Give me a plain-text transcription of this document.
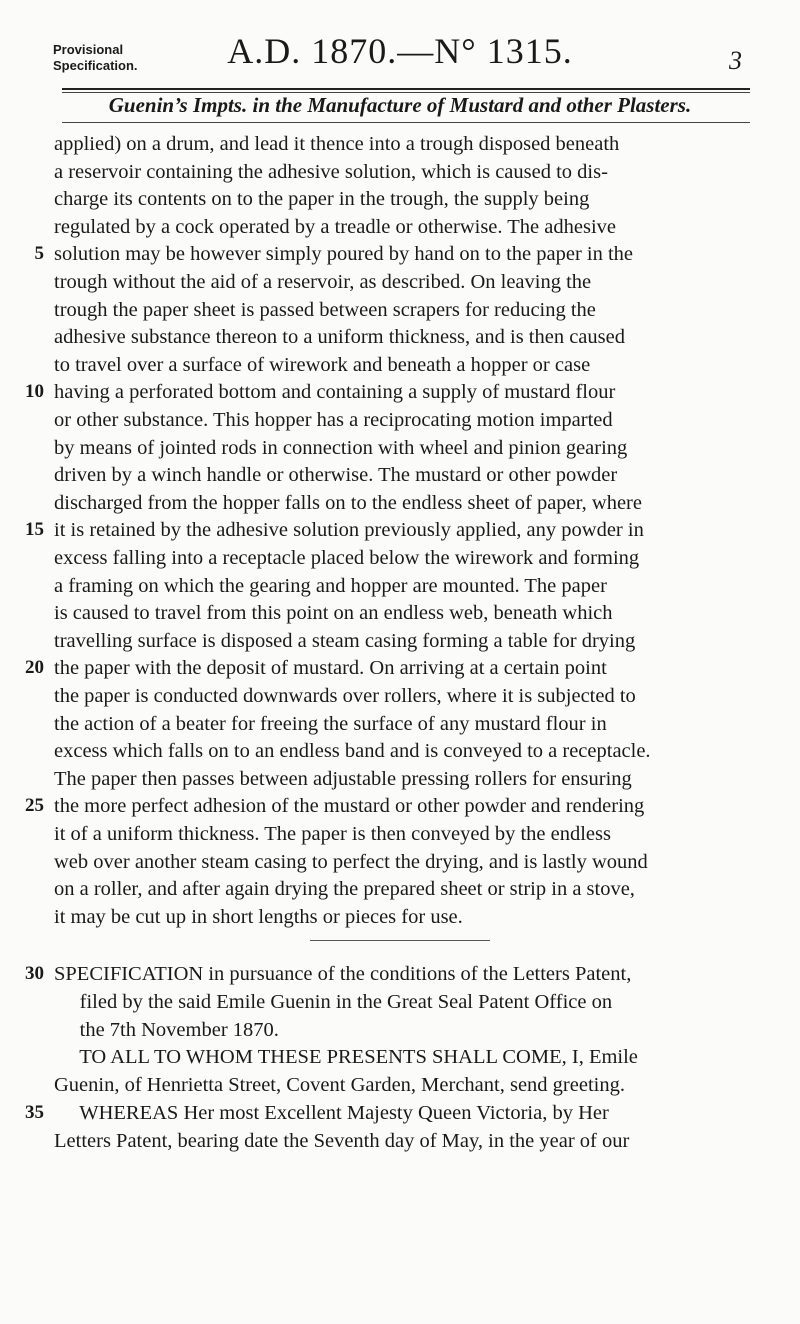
Provisional
Specification.	A.D. 1870.—N° 1315.	3
Guenin’s Impts. in the Manufacture of Mustard and other Plasters.
applied) on a drum, and lead it thence into a trough disposed beneath
a reservoir containing the adhesive solution, which is caused to dis-
charge its contents on to the paper in the trough, the supply being
regulated by a cock operated by a treadle or otherwise. The adhesive
5 solution may be however simply poured by hand on to the paper in the
trough without the aid of a reservoir, as described. On leaving the
trough the paper sheet is passed between scrapers for reducing the
adhesive substance thereon to a uniform thickness, and is then caused
to travel over a surface of wirework and beneath a hopper or case
10 having a perforated bottom and containing a supply of mustard flour
or other substance. This hopper has a reciprocating motion imparted
by means of jointed rods in connection with wheel and pinion gearing
driven by a winch handle or otherwise. The mustard or other powder
discharged from the hopper falls on to the endless sheet of paper, where
15 it is retained by the adhesive solution previously applied, any powder in
excess falling into a receptacle placed below the wirework and forming
a framing on which the gearing and hopper are mounted. The paper
is caused to travel from this point on an endless web, beneath which
travelling surface is disposed a steam casing forming a table for drying
20 the paper with the deposit of mustard. On arriving at a certain point
the paper is conducted downwards over rollers, where it is subjected to
the action of a beater for freeing the surface of any mustard flour in
excess which falls on to an endless band and is conveyed to a receptacle.
The paper then passes between adjustable pressing rollers for ensuring
25 the more perfect adhesion of the mustard or other powder and rendering
it of a uniform thickness. The paper is then conveyed by the endless
web over another steam casing to perfect the drying, and is lastly wound
on a roller, and after again drying the prepared sheet or strip in a stove,
it may be cut up in short lengths or pieces for use.
30 SPECIFICATION in pursuance of the conditions of the Letters Patent,
filed by the said Emile Guenin in the Great Seal Patent Office on
the 7th November 1870.
TO ALL TO WHOM THESE PRESENTS SHALL COME, I, Emile
Guenin, of Henrietta Street, Covent Garden, Merchant, send greeting.
35 WHEREAS Her most Excellent Majesty Queen Victoria, by Her
Letters Patent, bearing date the Seventh day of May, in the year of our
